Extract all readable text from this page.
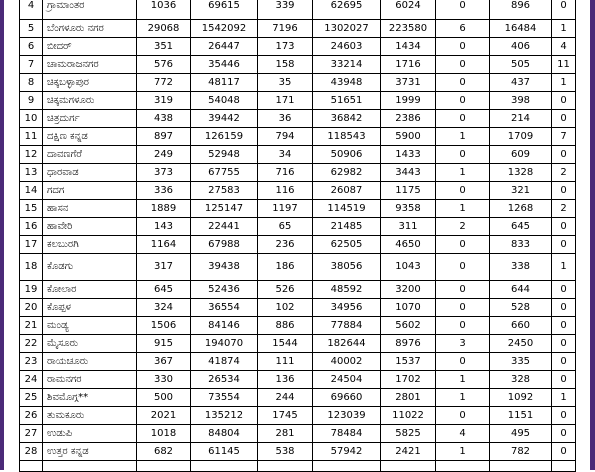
4	ಗ್ರಾಮಾಂತರ	1036	69615	339	62695	6024	0	896	0
5	ಬೆಂಗಳೂರು ನಗರ	29068	1542092	7196	1302027	223580	6	16484	1
6	ಬೀದರ್	351	26447	173	24603	1434	0	406	4
7	ಚಾಮರಾಜನಗರ	576	35446	158	33214	1716	0	505	11
8	ಚಿಕ್ಕಬಳ್ಳಾಪುರ	772	48117	35	43948	3731	0	437	1
9	ಚಿಕ್ಕಮಗಳೂರು	319	54048	171	51651	1999	0	398	0
10	ಚಿತ್ರದುರ್ಗ	438	39442	36	36842	2386	0	214	0
11	ದಕ್ಷಿಣ ಕನ್ನಡ	897	126159	794	118543	5900	1	1709	7
12	ದಾವಣಗೆರೆ	249	52948	34	50906	1433	0	609	0
13	ಧಾರವಾಡ	373	67755	716	62982	3443	1	1328	2
14	ಗದಗ	336	27583	116	26087	1175	0	321	0
15	ಹಾಸನ	1889	125147	1197	114519	9358	1	1268	2
16	ಹಾವೇರಿ	143	22441	65	21485	311	2	645	0
17	ಕಲಬುರಗಿ	1164	67988	236	62505	4650	0	833	0
18	ಕೊಡಗು	317	39438	186	38056	1043	0	338	1
19	ಕೋಲಾರ	645	52436	526	48592	3200	0	644	0
20	ಕೊಪ್ಪಳ	324	36554	102	34956	1070	0	528	0
21	ಮಂಡ್ಯ	1506	84146	886	77884	5602	0	660	0
22	ಮೈಸೂರು	915	194070	1544	182644	8976	3	2450	0
23	ರಾಯಚೂರು	367	41874	111	40002	1537	0	335	0
24	ರಾಮನಗರ	330	26534	136	24504	1702	1	328	0
25	ಶಿವಮೊಗ್ಗ**	500	73554	244	69660	2801	1	1092	1
26	ತುಮಕೂರು	2021	135212	1745	123039	11022	0	1151	0
27	ಉಡುಪಿ	1018	84804	281	78484	5825	4	495	0
28	ಉತ್ತರ ಕನ್ನಡ	682	61145	538	57942	2421	1	782	0
